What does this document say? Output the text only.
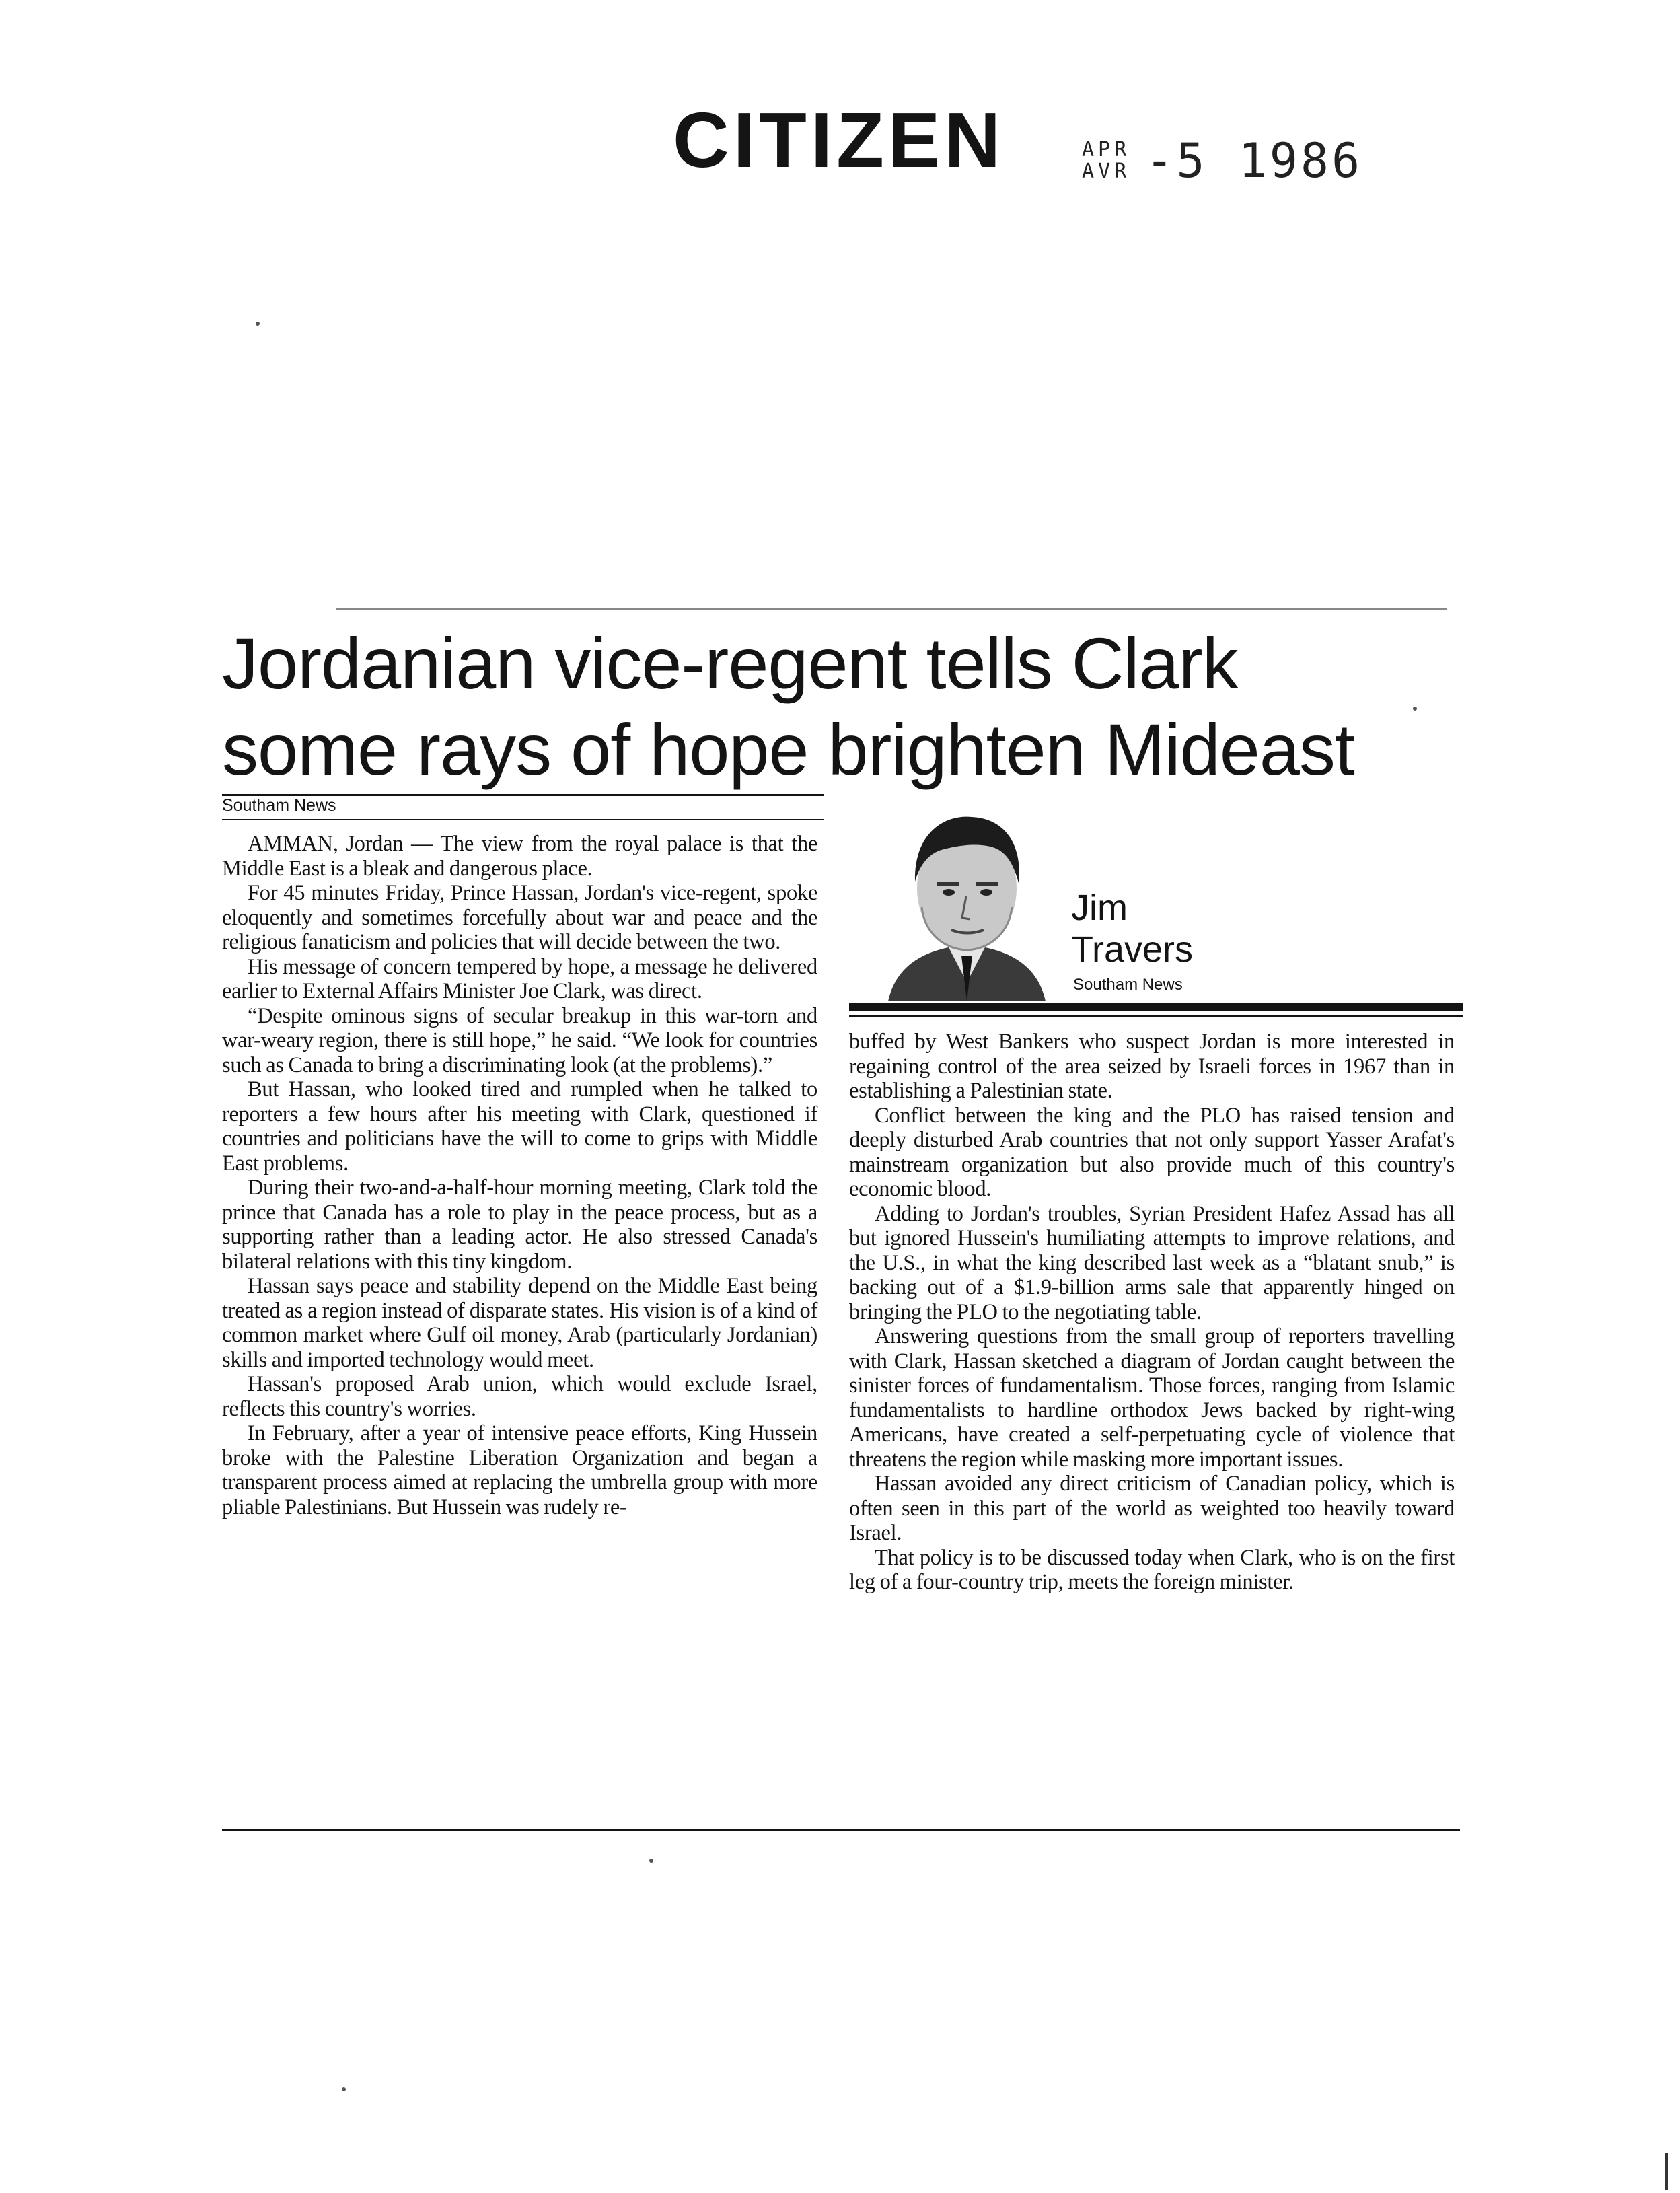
CITIZEN	APR
AVR -5 1986
Jordanian vice-regent tells Clark
some rays of hope brighten Mideast
Southam News

AMMAN, Jordan — The view from the royal palace is that the Middle East is a bleak and dangerous place.

For 45 minutes Friday, Prince Hassan, Jordan's vice-regent, spoke eloquently and sometimes forcefully about war and peace and the religious fanaticism and policies that will decide between the two.

His message of concern tempered by hope, a message he delivered earlier to External Affairs Minister Joe Clark, was direct.

“Despite ominous signs of secular breakup in this war-torn and war-weary region, there is still hope,” he said. “We look for countries such as Canada to bring a discriminating look (at the problems).”

But Hassan, who looked tired and rumpled when he talked to reporters a few hours after his meeting with Clark, questioned if countries and politicians have the will to come to grips with Middle East problems.

During their two-and-a-half-hour morning meeting, Clark told the prince that Canada has a role to play in the peace process, but as a supporting rather than a leading actor. He also stressed Canada's bilateral relations with this tiny kingdom.

Hassan says peace and stability depend on the Middle East being treated as a region instead of disparate states. His vision is of a kind of common market where Gulf oil money, Arab (particularly Jordanian) skills and imported technology would meet.

Hassan's proposed Arab union, which would exclude Israel, reflects this country's worries.

In February, after a year of intensive peace efforts, King Hussein broke with the Palestine Liberation Organization and began a transparent process aimed at replacing the umbrella group with more pliable Palestinians. But Hussein was rudely re-

Jim
Travers
Southam News

buffed by West Bankers who suspect Jordan is more interested in regaining control of the area seized by Israeli forces in 1967 than in establishing a Palestinian state.

Conflict between the king and the PLO has raised tension and deeply disturbed Arab countries that not only support Yasser Arafat's mainstream organization but also provide much of this country's economic blood.

Adding to Jordan's troubles, Syrian President Hafez Assad has all but ignored Hussein's humiliating attempts to improve relations, and the U.S., in what the king described last week as a “blatant snub,” is backing out of a $1.9-billion arms sale that apparently hinged on bringing the PLO to the negotiating table.

Answering questions from the small group of reporters travelling with Clark, Hassan sketched a diagram of Jordan caught between the sinister forces of fundamentalism. Those forces, ranging from Islamic fundamentalists to hardline orthodox Jews backed by right-wing Americans, have created a self-perpetuating cycle of violence that threatens the region while masking more important issues.

Hassan avoided any direct criticism of Canadian policy, which is often seen in this part of the world as weighted too heavily toward Israel.

That policy is to be discussed today when Clark, who is on the first leg of a four-country trip, meets the foreign minister.
